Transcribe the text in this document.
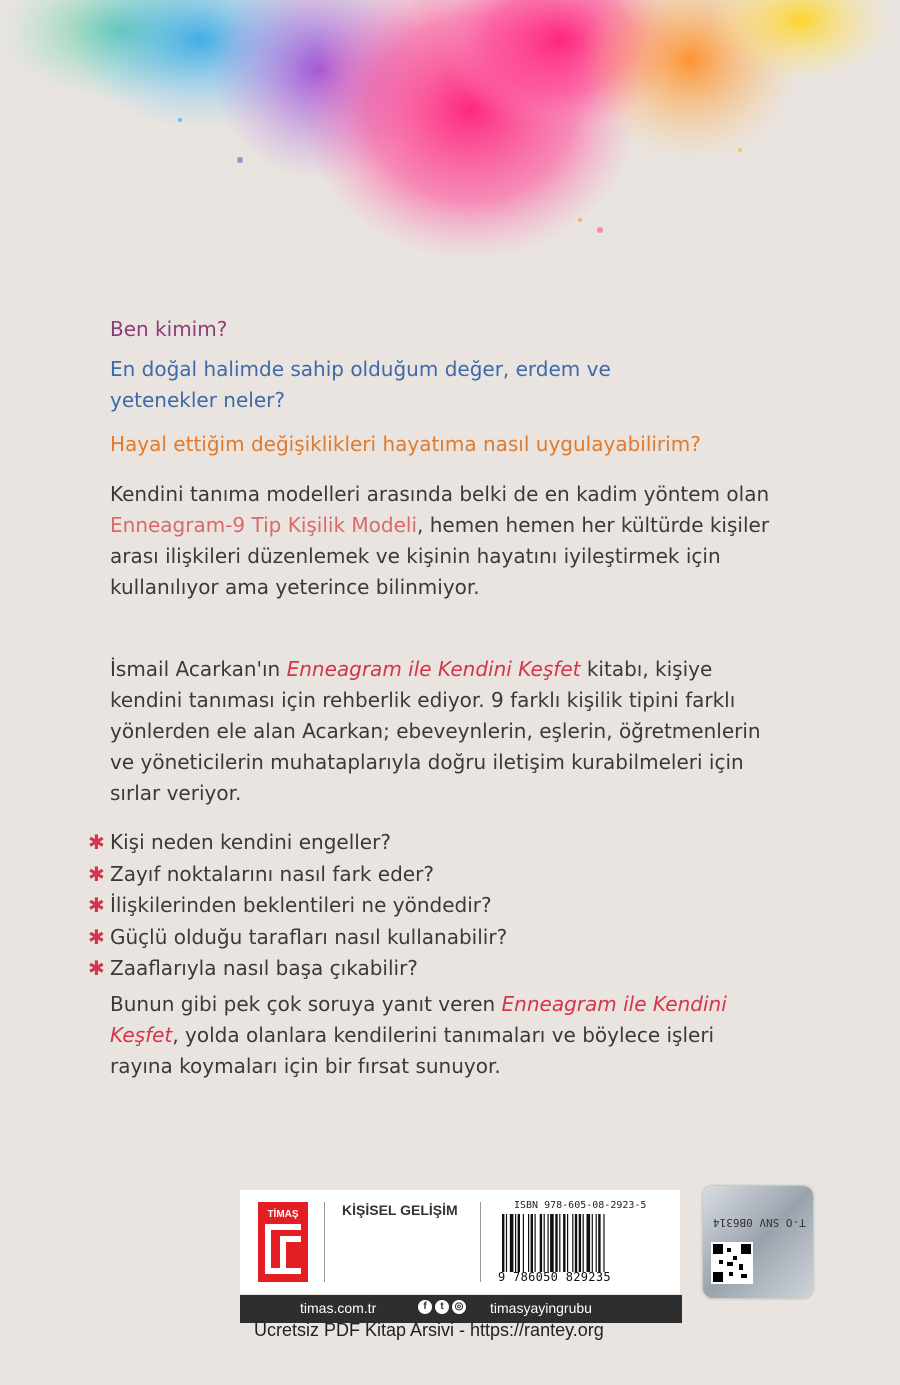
Ben kimim?
En doğal halimde sahip olduğum değer, erdem ve yetenekler neler?
Hayal ettiğim değişiklikleri hayatıma nasıl uygulayabilirim?
Kendini tanıma modelleri arasında belki de en kadim yöntem olan Enneagram-9 Tip Kişilik Modeli, hemen hemen her kültürde kişiler arası ilişkileri düzenlemek ve kişinin hayatını iyileştirmek için kullanılıyor ama yeterince bilinmiyor.
İsmail Acarkan'ın Enneagram ile Kendini Keşfet kitabı, kişiye kendini tanıması için rehberlik ediyor. 9 farklı kişilik tipini farklı yönlerden ele alan Acarkan; ebeveynlerin, eşlerin, öğretmenlerin ve yöneticilerin muhataplarıyla doğru iletişim kurabilmeleri için sırlar veriyor.
✱ Kişi neden kendini engeller?
✱ Zayıf noktalarını nasıl fark eder?
✱ İlişkilerinden beklentileri ne yöndedir?
✱ Güçlü olduğu tarafları nasıl kullanabilir?
✱ Zaaflarıyla nasıl başa çıkabilir?
Bunun gibi pek çok soruya yanıt veren Enneagram ile Kendini Keşfet, yolda olanlara kendilerini tanımaları ve böylece işleri rayına koymaları için bir fırsat sunuyor.
TİMAŞ	KİŞİSEL GELİŞİM	ISBN 978-605-08-2923-5
9 786050 829235
timas.com.tr	f	t	◎ timasyayingrubu
T-O SNV 0B6314
Ücretsiz PDF Kitap Arsivi - https://rantey.org
